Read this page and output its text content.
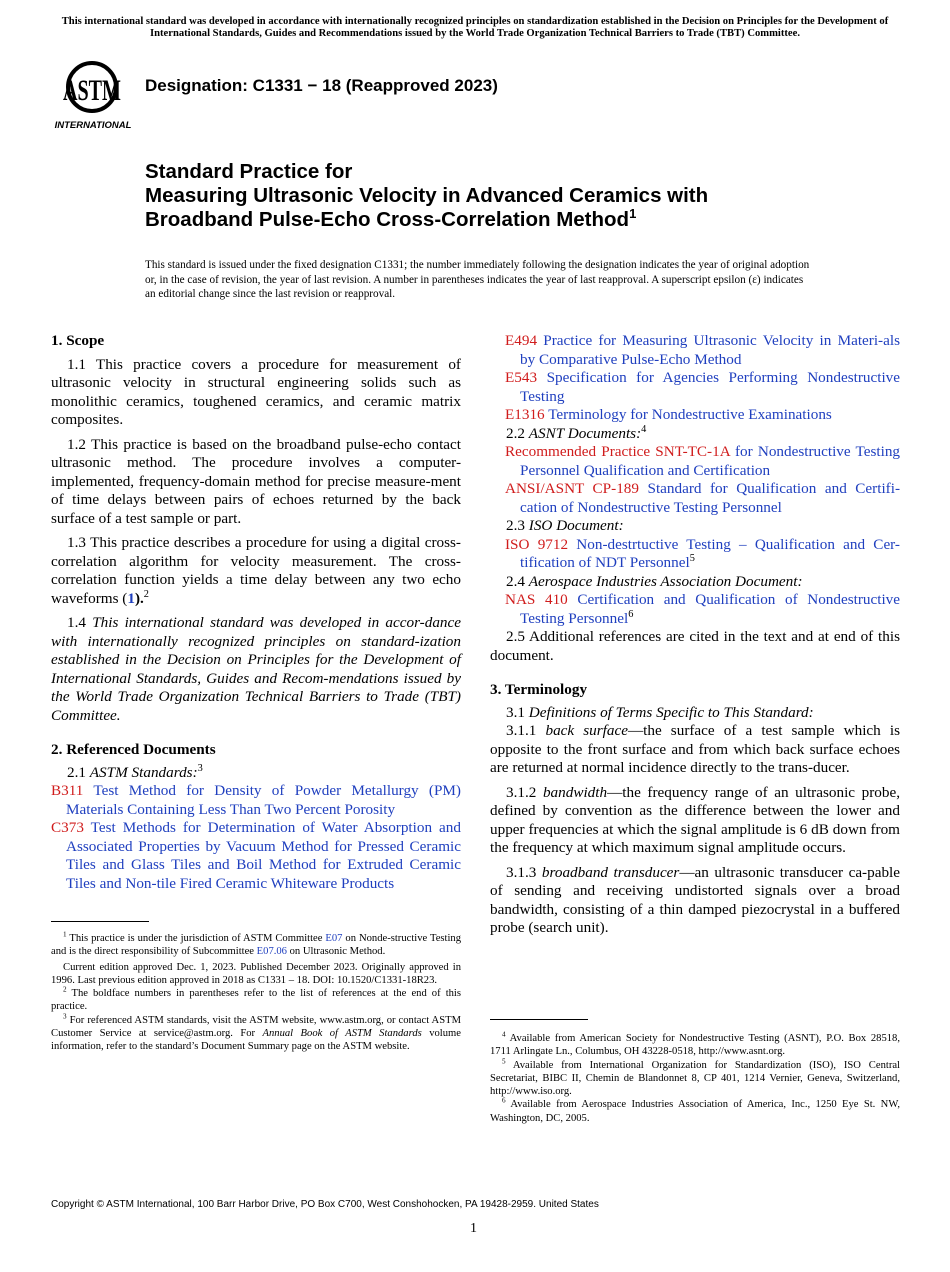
This international standard was developed in accordance with internationally recognized principles on standardization established in the Decision on Principles for the Development of International Standards, Guides and Recommendations issued by the World Trade Organization Technical Barriers to Trade (TBT) Committee.
ASTM
INTERNATIONAL
Designation: C1331 − 18 (Reapproved 2023)
Standard Practice for
Measuring Ultrasonic Velocity in Advanced Ceramics with
Broadband Pulse-Echo Cross-Correlation Method$^1$
This standard is issued under the fixed designation C1331; the number immediately following the designation indicates the year of original adoption or, in the case of revision, the year of last revision. A number in parentheses indicates the year of last reapproval. A superscript epsilon (ε) indicates an editorial change since the last revision or reapproval.

1. Scope

1.1 This practice covers a procedure for measurement of ultrasonic velocity in structural engineering solids such as monolithic ceramics, toughened ceramics, and ceramic matrix composites.

1.2 This practice is based on the broadband pulse-echo contact ultrasonic method. The procedure involves a computer-implemented, frequency-domain method for precise measure-ment of time delays between pairs of echoes returned by the back surface of a test sample or part.

1.3 This practice describes a procedure for using a digital cross-correlation algorithm for velocity measurement. The cross-correlation function yields a time delay between any two echo waveforms (1).$^2$

1.4 This international standard was developed in accor-dance with internationally recognized principles on standard-ization established in the Decision on Principles for the Development of International Standards, Guides and Recom-mendations issued by the World Trade Organization Technical Barriers to Trade (TBT) Committee.

2. Referenced Documents

2.1 ASTM Standards:$^3$

B311 Test Method for Density of Powder Metallurgy (PM) Materials Containing Less Than Two Percent Porosity

C373 Test Methods for Determination of Water Absorption and Associated Properties by Vacuum Method for Pressed Ceramic Tiles and Glass Tiles and Boil Method for Extruded Ceramic Tiles and Non-tile Fired Ceramic Whiteware Products

$^1$ This practice is under the jurisdiction of ASTM Committee E07 on Nonde-structive Testing and is the direct responsibility of Subcommittee E07.06 on Ultrasonic Method.

Current edition approved Dec. 1, 2023. Published December 2023. Originally approved in 1996. Last previous edition approved in 2018 as C1331 – 18. DOI: 10.1520/C1331-18R23.

$^2$ The boldface numbers in parentheses refer to the list of references at the end of this practice.

$^3$ For referenced ASTM standards, visit the ASTM website, www.astm.org, or contact ASTM Customer Service at service@astm.org. For Annual Book of ASTM Standards volume information, refer to the standard’s Document Summary page on the ASTM website.

E494 Practice for Measuring Ultrasonic Velocity in Materi-als by Comparative Pulse-Echo Method

E543 Specification for Agencies Performing Nondestructive Testing

E1316 Terminology for Nondestructive Examinations

2.2 ASNT Documents:$^4$

Recommended Practice SNT-TC-1A for Nondestructive Testing Personnel Qualification and Certification

ANSI/ASNT CP-189 Standard for Qualification and Certifi-cation of Nondestructive Testing Personnel

2.3 ISO Document:

ISO 9712 Non-destrtuctive Testing – Qualification and Cer-tification of NDT Personnel$^5$

2.4 Aerospace Industries Association Document:

NAS 410 Certification and Qualification of Nondestructive Testing Personnel$^6$

2.5 Additional references are cited in the text and at end of this document.

3. Terminology

3.1 Definitions of Terms Specific to This Standard:

3.1.1 back surface—the surface of a test sample which is opposite to the front surface and from which back surface echoes are returned at normal incidence directly to the trans-ducer.

3.1.2 bandwidth—the frequency range of an ultrasonic probe, defined by convention as the difference between the lower and upper frequencies at which the signal amplitude is 6 dB down from the frequency at which maximum signal amplitude occurs.

3.1.3 broadband transducer—an ultrasonic transducer ca-pable of sending and receiving undistorted signals over a broad bandwidth, consisting of a thin damped piezocrystal in a buffered probe (search unit).

$^4$ Available from American Society for Nondestructive Testing (ASNT), P.O. Box 28518, 1711 Arlingate Ln., Columbus, OH 43228-0518, http://www.asnt.org.

$^5$ Available from International Organization for Standardization (ISO), ISO Central Secretariat, BIBC II, Chemin de Blandonnet 8, CP 401, 1214 Vernier, Geneva, Switzerland, http://www.iso.org.

$^6$ Available from Aerospace Industries Association of America, Inc., 1250 Eye St. NW, Washington, DC, 2005.

Copyright © ASTM International, 100 Barr Harbor Drive, PO Box C700, West Conshohocken, PA 19428-2959. United States
1
